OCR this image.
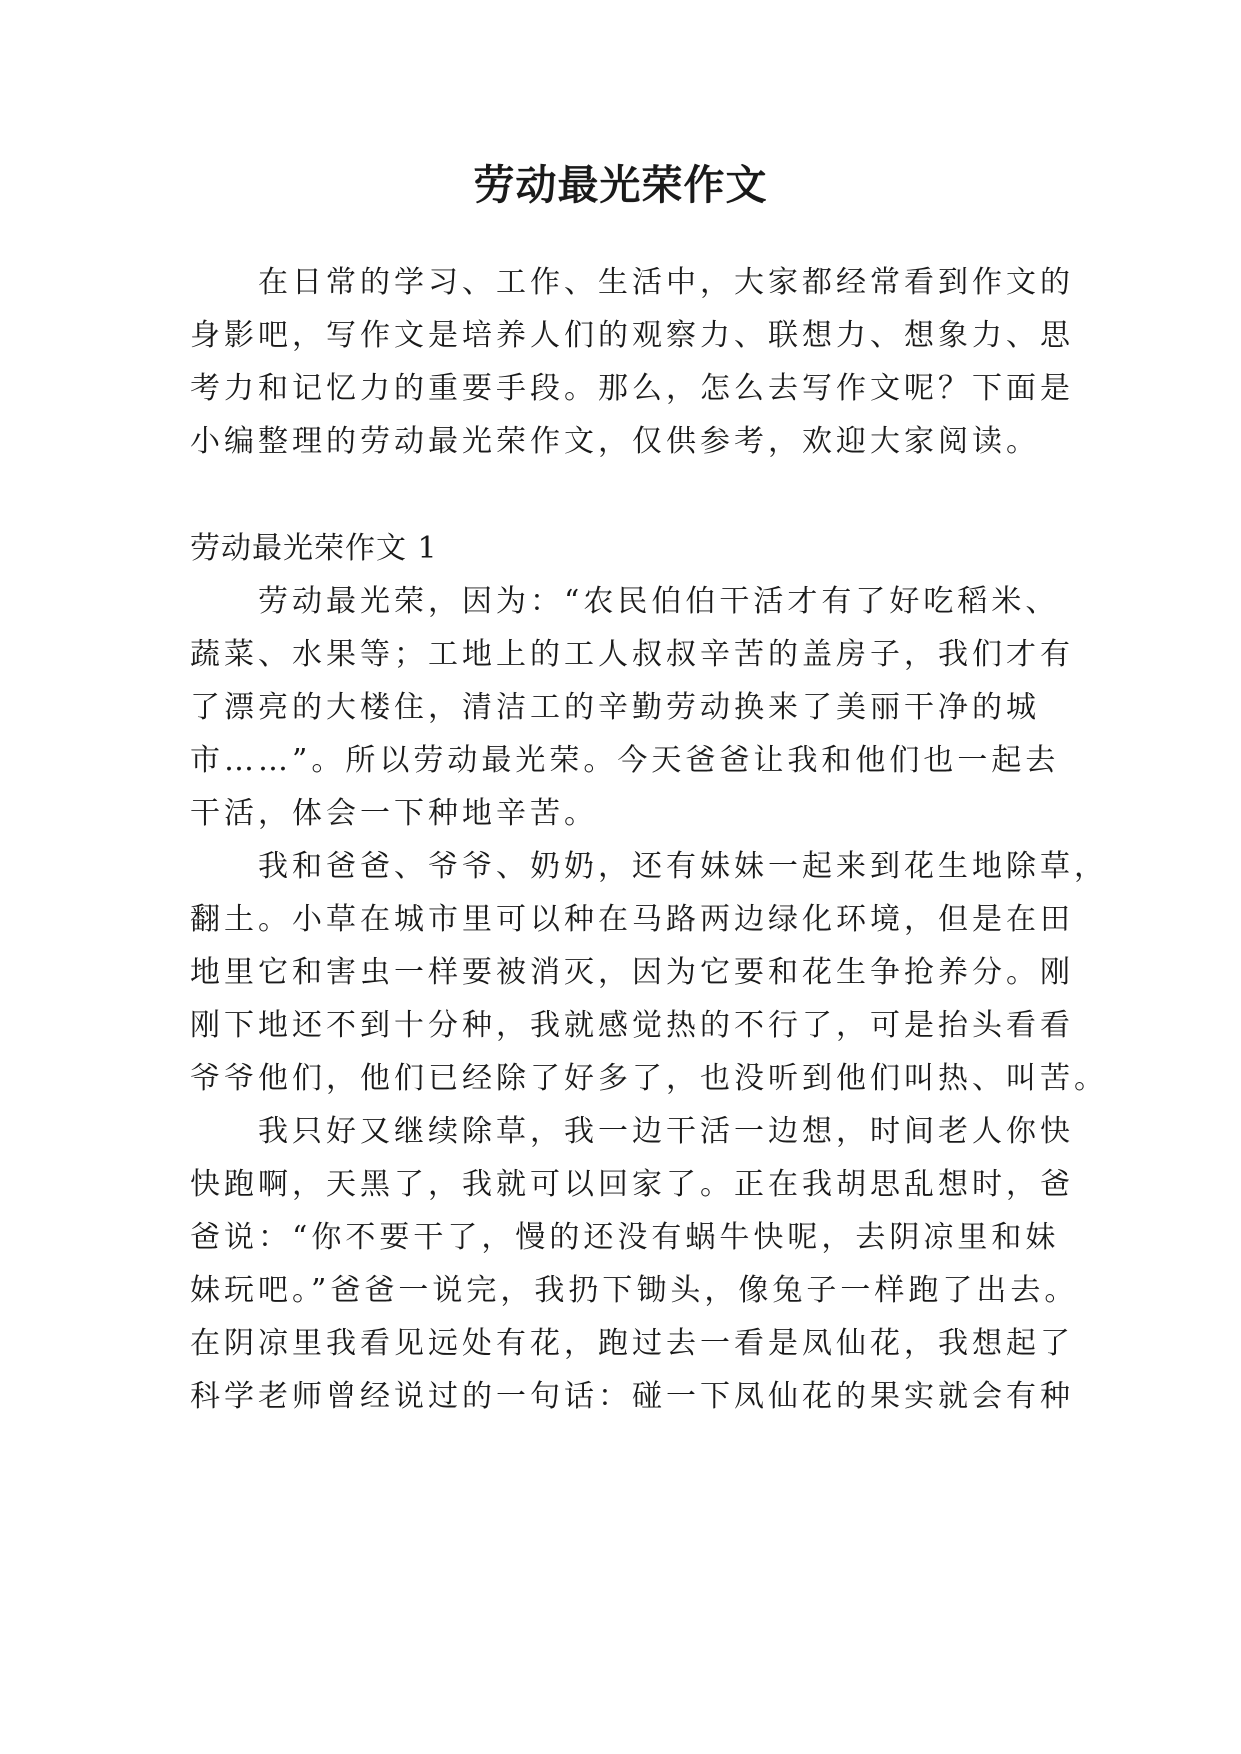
劳动最光荣作文

在日常的学习、工作、生活中，大家都经常看到作文的

身影吧，写作文是培养人们的观察力、联想力、想象力、思

考力和记忆力的重要手段。那么，怎么去写作文呢？下面是

小编整理的劳动最光荣作文，仅供参考，欢迎大家阅读。

劳动最光荣作文 1

劳动最光荣，因为：“农民伯伯干活才有了好吃稻米、

蔬菜、水果等；工地上的工人叔叔辛苦的盖房子，我们才有

了漂亮的大楼住，清洁工的辛勤劳动换来了美丽干净的城

市……”。所以劳动最光荣。今天爸爸让我和他们也一起去

干活，体会一下种地辛苦。

我和爸爸、爷爷、奶奶，还有妹妹一起来到花生地除草，

翻土。小草在城市里可以种在马路两边绿化环境，但是在田

地里它和害虫一样要被消灭，因为它要和花生争抢养分。刚

刚下地还不到十分种，我就感觉热的不行了，可是抬头看看

爷爷他们，他们已经除了好多了，也没听到他们叫热、叫苦。

我只好又继续除草，我一边干活一边想，时间老人你快

快跑啊，天黑了，我就可以回家了。正在我胡思乱想时，爸

爸说：“你不要干了，慢的还没有蜗牛快呢，去阴凉里和妹

妹玩吧。”爸爸一说完，我扔下锄头，像兔子一样跑了出去。

在阴凉里我看见远处有花，跑过去一看是凤仙花，我想起了

科学老师曾经说过的一句话：碰一下凤仙花的果实就会有种
